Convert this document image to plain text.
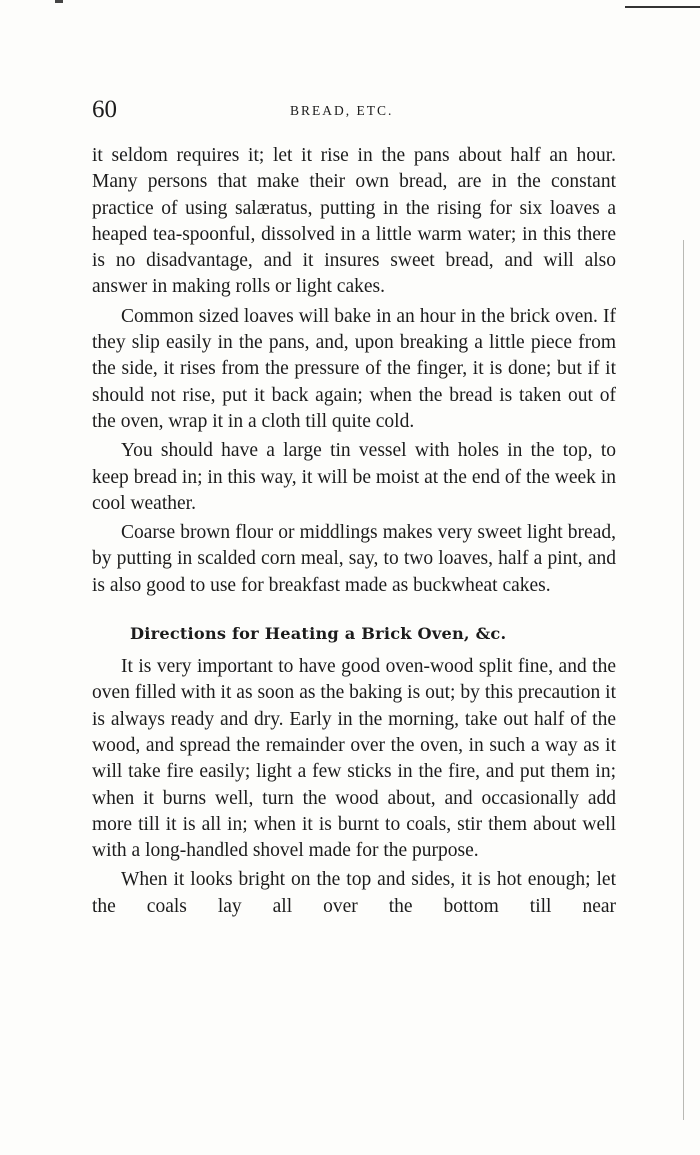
60	BREAD, ETC.

it seldom requires it; let it rise in the pans about half an hour. Many persons that make their own bread, are in the constant practice of using salæratus, putting in the rising for six loaves a heaped tea-spoonful, dissolved in a little warm water; in this there is no disadvantage, and it insures sweet bread, and will also answer in making rolls or light cakes.

Common sized loaves will bake in an hour in the brick oven. If they slip easily in the pans, and, upon breaking a little piece from the side, it rises from the pressure of the finger, it is done; but if it should not rise, put it back again; when the bread is taken out of the oven, wrap it in a cloth till quite cold.

You should have a large tin vessel with holes in the top, to keep bread in; in this way, it will be moist at the end of the week in cool weather.

Coarse brown flour or middlings makes very sweet light bread, by putting in scalded corn meal, say, to two loaves, half a pint, and is also good to use for breakfast made as buckwheat cakes.

Directions for Heating a Brick Oven, &c.

It is very important to have good oven-wood split fine, and the oven filled with it as soon as the baking is out; by this precaution it is always ready and dry. Early in the morning, take out half of the wood, and spread the remainder over the oven, in such a way as it will take fire easily; light a few sticks in the fire, and put them in; when it burns well, turn the wood about, and occasionally add more till it is all in; when it is burnt to coals, stir them about well with a long-handled shovel made for the purpose.

When it looks bright on the top and sides, it is hot enough; let the coals lay all over the bottom till near
